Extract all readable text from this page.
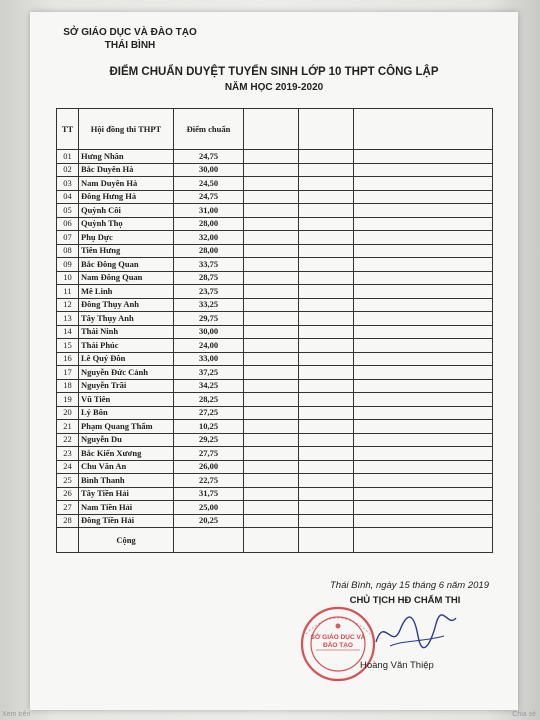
SỞ GIÁO DỤC VÀ ĐÀO TẠO
THÁI BÌNH
ĐIỂM CHUẨN DUYỆT TUYỂN SINH LỚP 10 THPT CÔNG LẬP
NĂM HỌC 2019-2020
TT	Hội đồng thi THPT	Điểm chuẩn			
01	Hưng Nhân	24,75			
02	Bắc Duyên Hà	30,00			
03	Nam Duyên Hà	24,50			
04	Đông Hưng Hà	24,75			
05	Quỳnh Côi	31,00			
06	Quỳnh Thọ	28,00			
07	Phụ Dực	32,00			
08	Tiên Hưng	28,00			
09	Bắc Đông Quan	33,75			
10	Nam Đông Quan	28,75			
11	Mê Linh	23,75			
12	Đông Thụy Anh	33,25			
13	Tây Thụy Anh	29,75			
14	Thái Ninh	30,00			
15	Thái Phúc	24,00			
16	Lê Quý Đôn	33,00			
17	Nguyễn Đức Cảnh	37,25			
18	Nguyễn Trãi	34,25			
19	Vũ Tiên	28,25			
20	Lý Bôn	27,25			
21	Phạm Quang Thẩm	10,25			
22	Nguyễn Du	29,25			
23	Bắc Kiến Xương	27,75			
24	Chu Văn An	26,00			
25	Bình Thanh	22,75			
26	Tây Tiền Hải	31,75			
27	Nam Tiền Hải	25,00			
28	Đông Tiền Hải	20,25			
	Cộng				
Thái Bình, ngày 15 tháng 6 năm 2019
CHỦ TỊCH HĐ CHẤM THI
SỞ GIÁO DỤC VÀ ĐÀO TẠO
Hoàng Văn Thiệp
Xem trên	Chia sẻ
